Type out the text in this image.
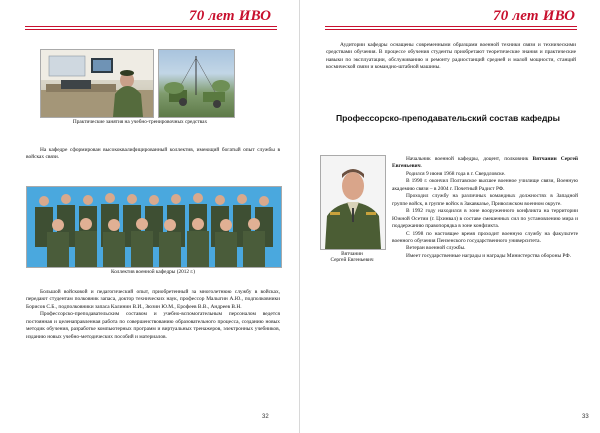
70 лет ИВО
Практические занятия на учебно-тренировочных средствах

На кафедре сформирован высококвалифицированный коллектив, имеющий богатый опыт службы в войсках связи.

Коллектив военной кафедры (2012 г.)

Большой войсковой и педагогический опыт, приобретенный за многолетнюю службу в войсках, передают студентам полковник запаса, доктор технических наук, профессор Малыгин А.Ю., подполковники Борисов С.Б., подполковники запаса Калинин В.И., Зюзин Ю.М., Ерофеев В.В., Андреев В.Н.

Профессорско-преподавательским составом и учебно-вспомогательным персоналом ведется постоянная и целенаправленная работа по совершенствованию образовательного процесса, созданию новых методик обучения, разработке компьютерных программ и виртуальных тренажеров, электронных учебников, изданию новых учебно-методических пособий и материалов.

32
70 лет ИВО

Аудитории кафедры оснащены современными образцами военной техники связи и техническими средствами обучения. В процессе обучения студенты приобретают теоретические знания и практические навыки по эксплуатации, обслуживанию и ремонту радиостанций средней и малой мощности, станций космической связи и командно-штабной машины.

Профессорско-преподавательский состав кафедры
Вятчанин
Сергей Евгеньевич

Начальник военной кафедры, доцент, полковник Вятчанин Сергей Евгеньевич.

Родился 9 июня 1968 года в г. Свердловске.

В 1990 г. окончил Полтавское высшее военное училище связи, Военную академию связи – в 2004 г. Почетный Радист РФ.

Проходил службу на различных командных должностях в Западной группе войск, в группе войск в Закавказье, Приволжском военном округе.

В 1992 году находился в зоне вооруженного конфликта на территории Южной Осетии (г. Цхинвал) в составе смешенных сил по установлению мира и поддержанию правопорядка в зоне конфликта.

С 1998 по настоящее время проходит военную службу на факультете военного обучения Пензенского государственного университета.

Ветеран военной службы.

Имеет государственные награды и награды Министерства обороны РФ.

33
